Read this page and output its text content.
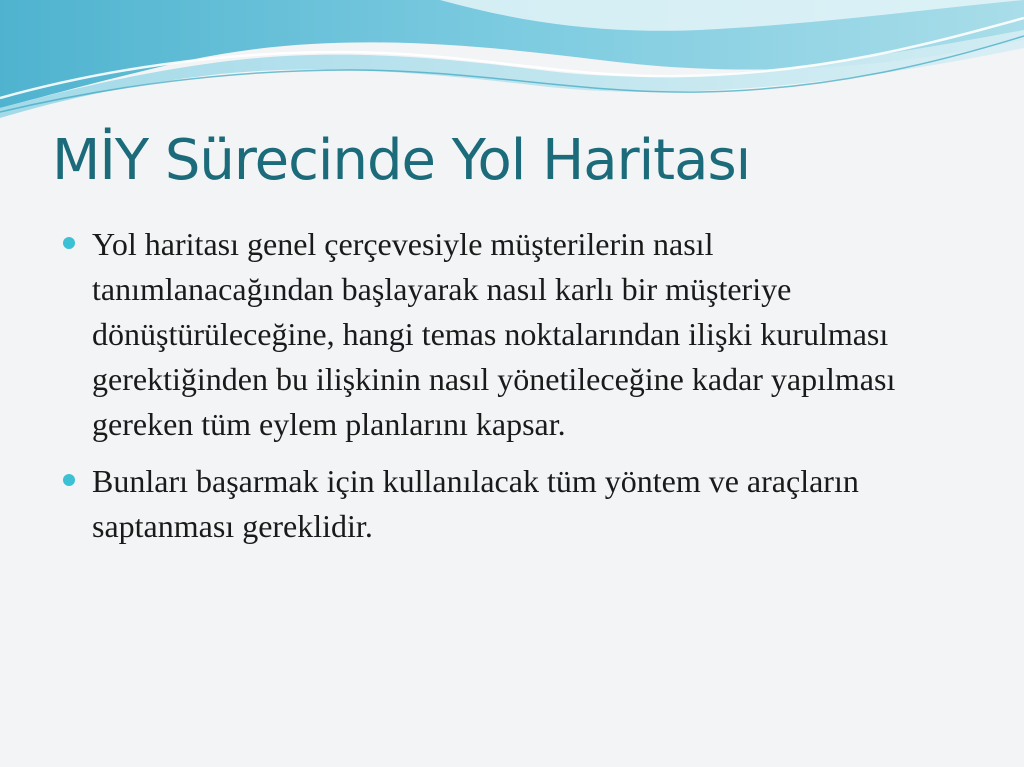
MİY Sürecinde Yol Haritası
Yol haritası genel çerçevesiyle müşterilerin nasıl tanımlanacağından başlayarak nasıl karlı bir müşteriye dönüştürüleceğine, hangi temas noktalarından ilişki kurulması gerektiğinden bu ilişkinin nasıl yönetileceğine kadar yapılması gereken tüm eylem planlarını kapsar.
Bunları başarmak için kullanılacak tüm yöntem ve araçların saptanması gereklidir.
